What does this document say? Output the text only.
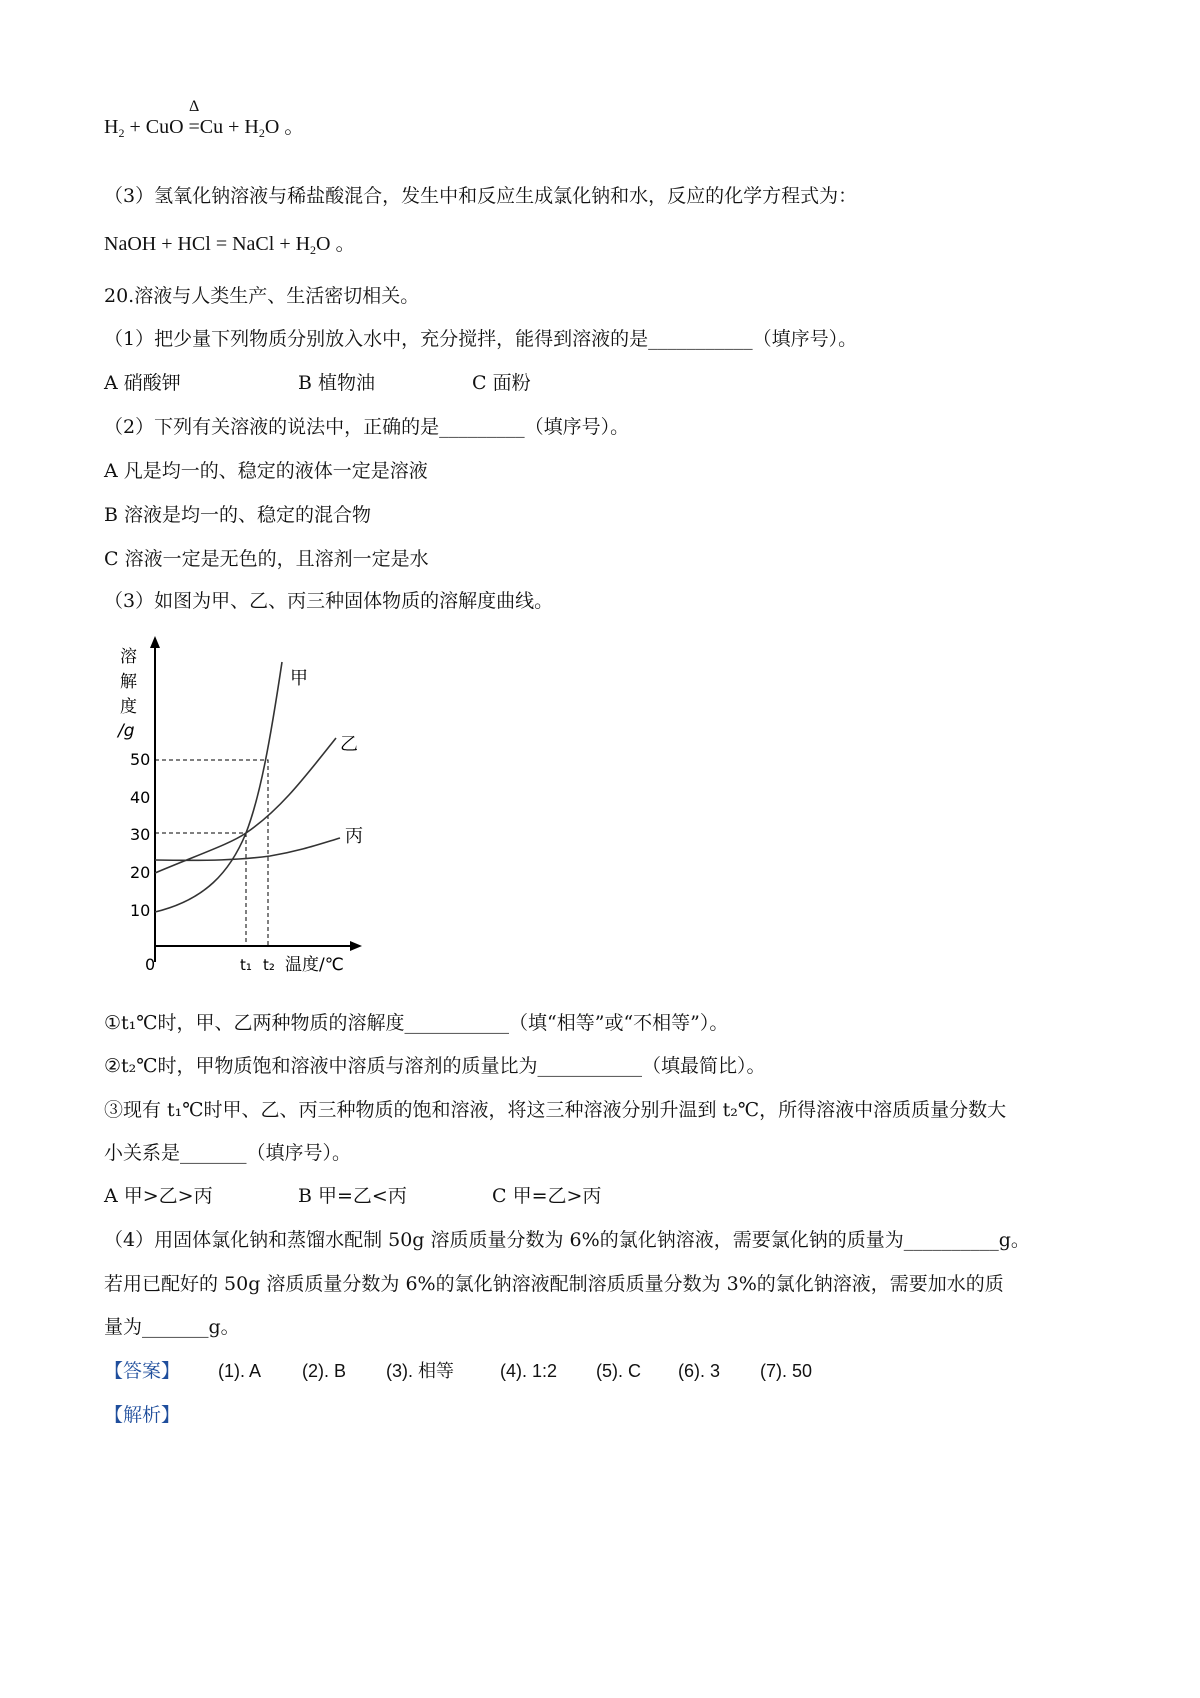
$H_2$ + CuO
Δ
$=Cu + H_2O$ 。
（3）氢氧化钠溶液与稀盐酸混合，发生中和反应生成氯化钠和水，反应的化学方程式为：
NaOH + HCl = NaCl + $H_2O$ 。
20.溶液与人类生产、生活密切相关。
（1）把少量下列物质分别放入水中，充分搅拌，能得到溶液的是___________（填序号）。
A 硝酸钾	B 植物油	C 面粉
（2）下列有关溶液的说法中，正确的是_________（填序号）。
A 凡是均一的、稳定的液体一定是溶液
B 溶液是均一的、稳定的混合物
C 溶液一定是无色的，且溶剂一定是水
（3）如图为甲、乙、丙三种固体物质的溶解度曲线。
溶
解
度
/g
50
40
30
20
10
0
甲
乙
丙
t₁ t₂ 温度/℃
①t₁℃时，甲、乙两种物质的溶解度___________（填“相等”或“不相等”）。
②t₂℃时，甲物质饱和溶液中溶质与溶剂的质量比为___________（填最简比）。
③现有 t₁℃时甲、乙、丙三种物质的饱和溶液，将这三种溶液分别升温到 t₂℃，所得溶液中溶质质量分数大
小关系是_______（填序号）。
A 甲>乙>丙	B 甲=乙<丙	C 甲=乙>丙
（4）用固体氯化钠和蒸馏水配制 50g 溶质质量分数为 6%的氯化钠溶液，需要氯化钠的质量为__________g。
若用已配好的 50g 溶质质量分数为 6%的氯化钠溶液配制溶质质量分数为 3%的氯化钠溶液，需要加水的质
量为_______g。
【答案】 (1). A (2). B (3). 相等	(4). 1:2 (5). C (6). 3 (7). 50
【解析】
